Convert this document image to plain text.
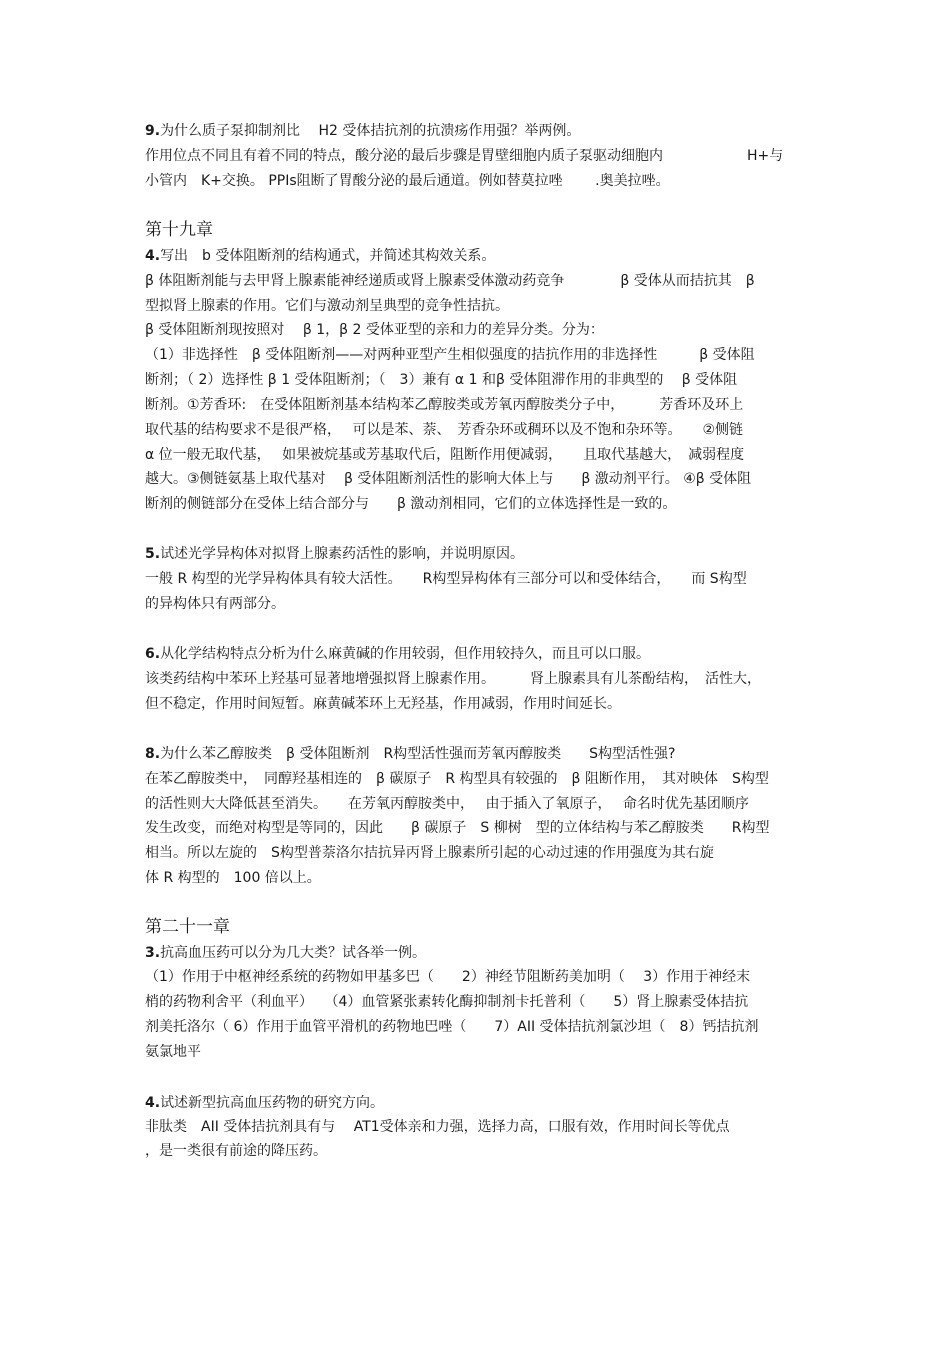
9.为什么质子泵抑制剂比　 H2 受体拮抗剂的抗溃疡作用强？举两例。
作用位点不同且有着不同的特点，酸分泌的最后步骤是胃壁细胞内质子泵驱动细胞内　　　　　　H+与
小管内　K+交换。 PPIs阻断了胃酸分泌的最后通道。例如替莫拉唑　　 .奥美拉唑。
第十九章
4.写出　b 受体阻断剂的结构通式，并简述其构效关系。
β 体阻断剂能与去甲肾上腺素能神经递质或肾上腺素受体激动药竞争　　　　β 受体从而拮抗其　β
型拟肾上腺素的作用。它们与激动剂呈典型的竞争性拮抗。
β 受体阻断剂现按照对　 β 1，β 2 受体亚型的亲和力的差异分类。分为：
（1）非选择性　β 受体阻断剂——对两种亚型产生相似强度的拮抗作用的非选择性　　　β 受体阻
断剂；（ 2）选择性 β 1 受体阻断剂；（　3）兼有 α 1 和β 受体阻滞作用的非典型的　 β 受体阻
断剂。①芳香环:　在受体阻断剂基本结构苯乙醇胺类或芳氧丙醇胺类分子中，　　　芳香环及环上
取代基的结构要求不是很严格，　 可以是苯、萘、　芳香杂环或稠环以及不饱和杂环等。　　②侧链
α 位一般无取代基，　 如果被烷基或芳基取代后，阻断作用便减弱，　　且取代基越大，　减弱程度
越大。③侧链氨基上取代基对　 β 受体阻断剂活性的影响大体上与　　β 激动剂平行。 ④β 受体阻
断剂的侧链部分在受体上结合部分与　　β 激动剂相同，它们的立体选择性是一致的。
5.试述光学异构体对拟肾上腺素药活性的影响，并说明原因。
一般 R 构型的光学异构体具有较大活性。　　R构型异构体有三部分可以和受体结合，　　而 S构型
的异构体只有两部分。
6.从化学结构特点分析为什么麻黄碱的作用较弱，但作用较持久，而且可以口服。
该类药结构中苯环上羟基可显著地增强拟肾上腺素作用。　　　肾上腺素具有儿茶酚结构，　活性大，
但不稳定，作用时间短暂。麻黄碱苯环上无羟基，作用减弱，作用时间延长。
8.为什么苯乙醇胺类　β 受体阻断剂　R构型活性强而芳氧丙醇胺类　　S构型活性强?
在苯乙醇胺类中，　同醇羟基相连的　β 碳原子　R 构型具有较强的　β 阻断作用，　其对映体　S构型
的活性则大大降低甚至消失。　　在芳氧丙醇胺类中，　 由于插入了氧原子，　 命名时优先基团顺序
发生改变，而绝对构型是等同的，因此　　β 碳原子　S 柳树　型的立体结构与苯乙醇胺类　　R构型
相当。所以左旋的　S构型普萘洛尔拮抗异丙肾上腺素所引起的心动过速的作用强度为其右旋
体 R 构型的　100 倍以上。
第二十一章
3.抗高血压药可以分为几大类？试各举一例。
（1）作用于中枢神经系统的药物如甲基多巴（　　2）神经节阻断药美加明（　 3）作用于神经末
梢的药物利舍平（利血平）　 （4）血管紧张素转化酶抑制剂卡托普利（　　5）肾上腺素受体拮抗
剂美托洛尔（ 6）作用于血管平滑机的药物地巴唑（　　7）AII 受体拮抗剂氯沙坦（　8）钙拮抗剂
氨氯地平
4.试述新型抗高血压药物的研究方向。
非肽类　AII 受体拮抗剂具有与　 AT1受体亲和力强，选择力高，口服有效，作用时间长等优点
，是一类很有前途的降压药。
